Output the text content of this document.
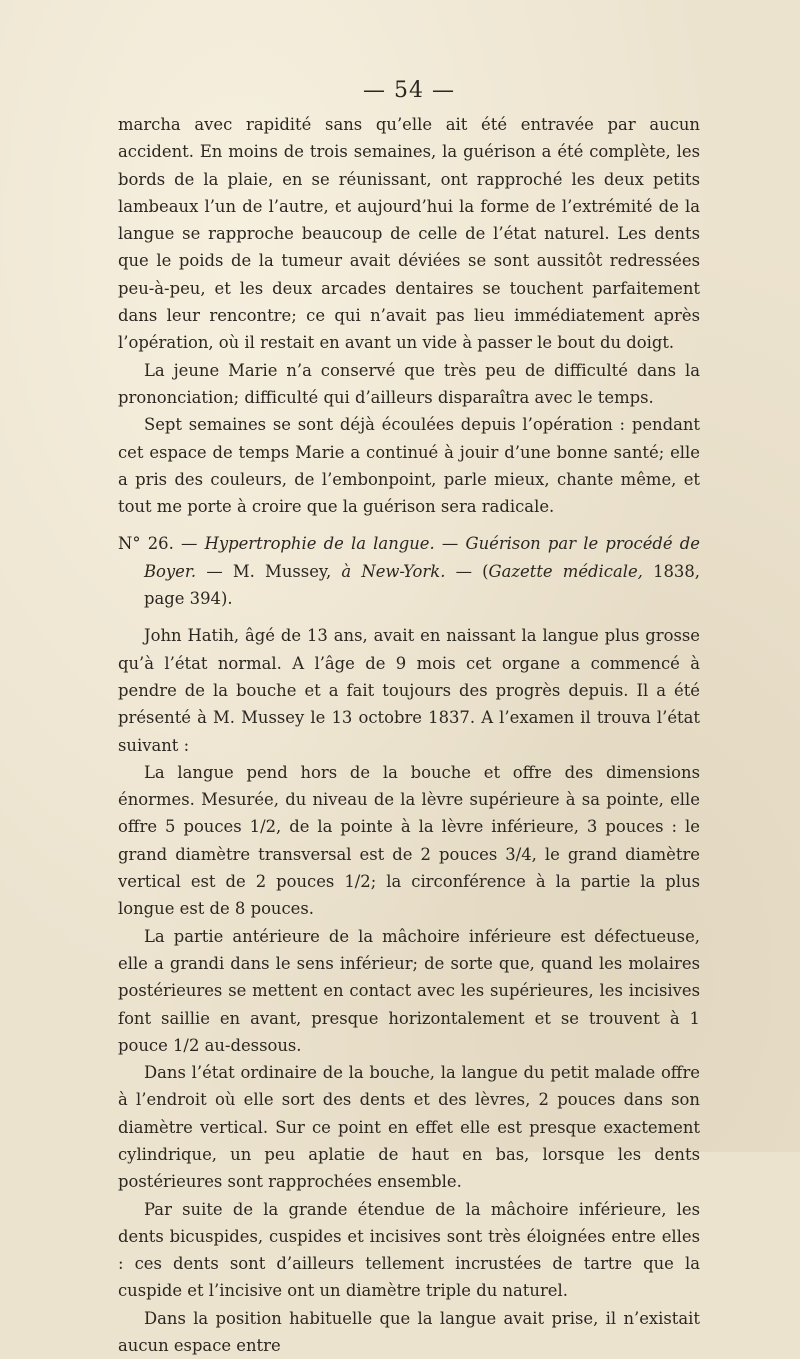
— 54 —

marcha avec rapidité sans qu’elle ait été entravée par aucun accident. En moins de trois semaines, la guérison a été complète, les bords de la plaie, en se réunissant, ont rapproché les deux petits lambeaux l’un de l’autre, et aujourd’hui la forme de l’extrémité de la langue se rapproche beaucoup de celle de l’état naturel. Les dents que le poids de la tumeur avait déviées se sont aussitôt redressées peu-à-peu, et les deux arcades dentaires se touchent parfaitement dans leur rencontre; ce qui n’avait pas lieu immédiatement après l’opération, où il restait en avant un vide à passer le bout du doigt.

La jeune Marie n’a conservé que très peu de difficulté dans la prononciation; difficulté qui d’ailleurs disparaîtra avec le temps.

Sept semaines se sont déjà écoulées depuis l’opération : pendant cet espace de temps Marie a continué à jouir d’une bonne santé; elle a pris des couleurs, de l’embonpoint, parle mieux, chante même, et tout me porte à croire que la guérison sera radicale.

N° 26. — Hypertrophie de la langue. — Guérison par le procédé de Boyer. — M. Mussey, à New-York. — (Gazette médicale, 1838, page 394).

John Hatih, âgé de 13 ans, avait en naissant la langue plus grosse qu’à l’état normal. A l’âge de 9 mois cet organe a commencé à pendre de la bouche et a fait toujours des progrès depuis. Il a été présenté à M. Mussey le 13 octobre 1837. A l’examen il trouva l’état suivant :

La langue pend hors de la bouche et offre des dimensions énormes. Mesurée, du niveau de la lèvre supérieure à sa pointe, elle offre 5 pouces 1/2, de la pointe à la lèvre inférieure, 3 pouces : le grand diamètre transversal est de 2 pouces 3/4, le grand diamètre vertical est de 2 pouces 1/2; la circonférence à la partie la plus longue est de 8 pouces.

La partie antérieure de la mâchoire inférieure est défectueuse, elle a grandi dans le sens inférieur; de sorte que, quand les molaires postérieures se mettent en contact avec les supérieures, les incisives font saillie en avant, presque horizontalement et se trouvent à 1 pouce 1/2 au-dessous.

Dans l’état ordinaire de la bouche, la langue du petit malade offre à l’endroit où elle sort des dents et des lèvres, 2 pouces dans son diamètre vertical. Sur ce point en effet elle est presque exactement cylindrique, un peu aplatie de haut en bas, lorsque les dents postérieures sont rapprochées ensemble.

Par suite de la grande étendue de la mâchoire inférieure, les dents bicuspides, cuspides et incisives sont très éloignées entre elles : ces dents sont d’ailleurs tellement incrustées de tartre que la cuspide et l’incisive ont un diamètre triple du naturel.

Dans la position habituelle que la langue avait prise, il n’existait aucun espace entre
